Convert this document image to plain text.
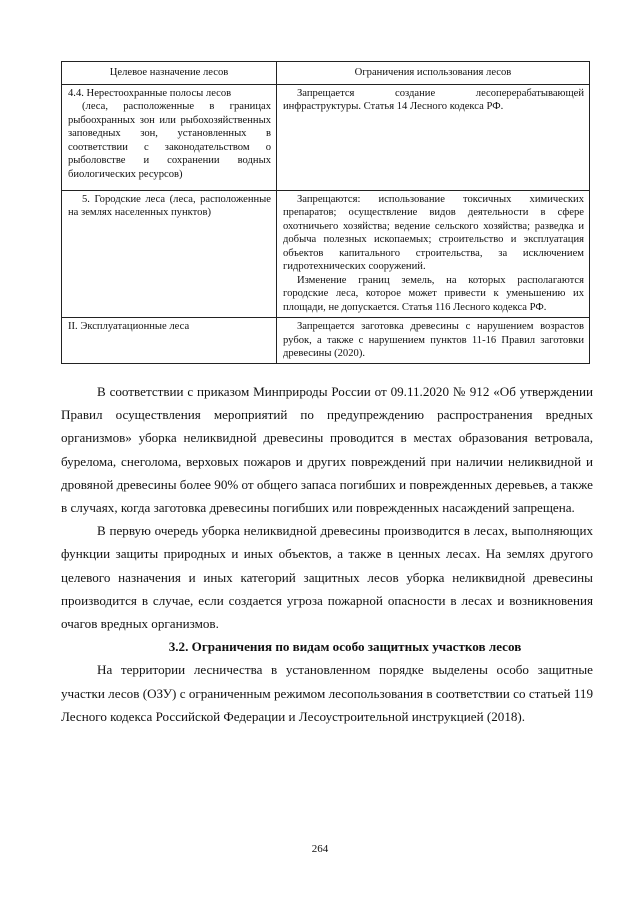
Целевое назначение лесов	Ограничения использования лесов

4.4. Нерестоохранные полосы лесов
(леса, расположенные в границах рыбоохранных зон или рыбохозяйственных заповедных зон, установленных в соответствии с законодательством о рыболовстве и сохранении водных биологических ресурсов)	Запрещается создание лесоперерабатывающей инфраструктуры. Статья 14 Лесного кодекса РФ.

5. Городские леса (леса, расположенные на землях населенных пунктов)	Запрещаются: использование токсичных химических препаратов; осуществление видов деятельности в сфере охотничьего хозяйства; ведение сельского хозяйства; разведка и добыча полезных ископаемых; строительство и эксплуатация объектов капитального строительства, за исключением гидротехнических сооружений.
Изменение границ земель, на которых располагаются городские леса, которое может привести к уменьшению их площади, не допускается. Статья 116 Лесного кодекса РФ.

II. Эксплуатационные леса	Запрещается заготовка древесины с нарушением возрастов рубок, а также с нарушением пунктов 11-16 Правил заготовки древесины (2020).

В соответствии с приказом Минприроды России от 09.11.2020 № 912 «Об утверждении Правил осуществления мероприятий по предупреждению распространения вредных организмов» уборка неликвидной древесины проводится в местах образования ветровала, бурелома, снеголома, верховых пожаров и других повреждений при наличии неликвидной и дровяной древесины более 90% от общего запаса погибших и поврежденных деревьев, а также в случаях, когда заготовка древесины погибших или поврежденных насаждений запрещена.

В первую очередь уборка неликвидной древесины производится в лесах, выполняющих функции защиты природных и иных объектов, а также в ценных лесах. На землях другого целевого назначения и иных категорий защитных лесов уборка неликвидной древесины производится в случае, если создается угроза пожарной опасности в лесах и возникновения очагов вредных организмов.

3.2. Ограничения по видам особо защитных участков лесов

На территории лесничества в установленном порядке выделены особо защитные участки лесов (ОЗУ) с ограниченным режимом лесопользования в соответствии со статьей 119 Лесного кодекса Российской Федерации и Лесоустроительной инструкцией (2018).

264
